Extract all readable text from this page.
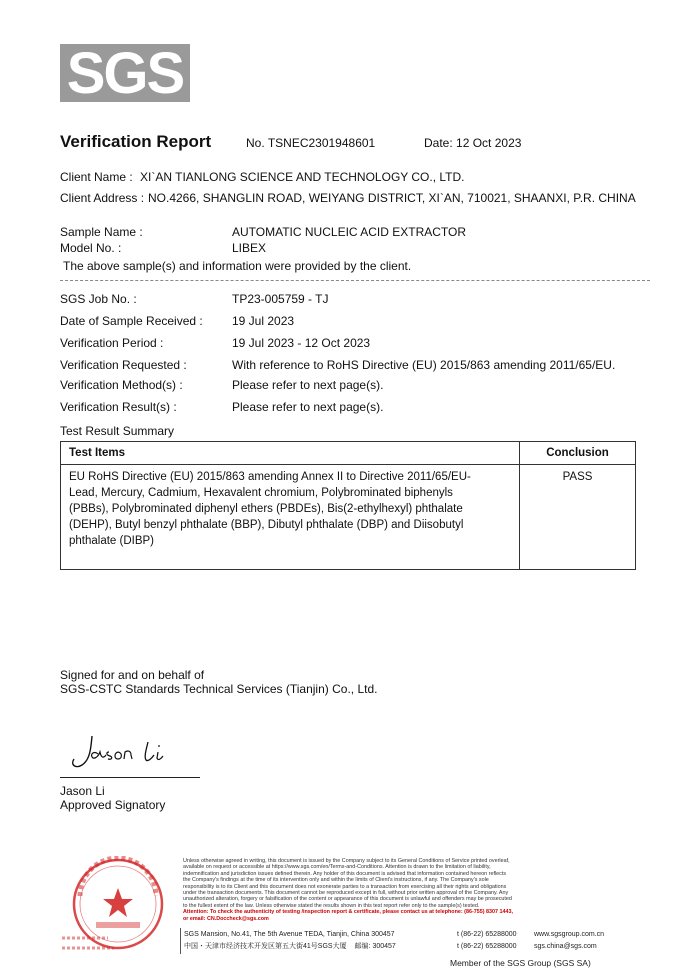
SGS
Verification Report	No. TSNEC2301948601	Date: 12 Oct 2023
Client Name : XI`AN TIANLONG SCIENCE AND TECHNOLOGY CO., LTD.
Client Address : NO.4266, SHANGLIN ROAD, WEIYANG DISTRICT, XI`AN, 710021, SHAANXI, P.R. CHINA
Sample Name :	AUTOMATIC NUCLEIC ACID EXTRACTOR
Model No. :	LIBEX
The above sample(s) and information were provided by the client.
SGS Job No. :	TP23-005759 - TJ
Date of Sample Received : 19 Jul 2023
Verification Period :	19 Jul 2023 - 12 Oct 2023
Verification Requested :	With reference to RoHS Directive (EU) 2015/863 amending 2011/65/EU.
Verification Method(s) :	Please refer to next page(s).
Verification Result(s) :	Please refer to next page(s).
Test Result Summary
Test Items	Conclusion

EU RoHS Directive (EU) 2015/863 amending Annex II to Directive 2011/65/EU-
Lead, Mercury, Cadmium, Hexavalent chromium, Polybrominated biphenyls
(PBBs), Polybrominated diphenyl ethers (PBDEs), Bis(2-ethylhexyl) phthalate
(DEHP), Butyl benzyl phthalate (BBP), Dibutyl phthalate (DBP) and Diisobutyl
phthalate (DIBP)	PASS
Signed for and on behalf of
SGS-CSTC Standards Technical Services (Tianjin) Co., Ltd.
Jason Li
Approved Signatory
Unless otherwise agreed in writing, this document is issued by the Company subject to its General Conditions of Service printed overleaf,
available on request or accessible at https://www.sgs.com/en/Terms-and-Conditions. Attention is drawn to the limitation of liability,
indemnification and jurisdiction issues defined therein. Any holder of this document is advised that information contained hereon reflects
the Company's findings at the time of its intervention only and within the limits of Client's instructions, if any. The Company's sole
responsibility is to its Client and this document does not exonerate parties to a transaction from exercising all their rights and obligations
under the transaction documents. This document cannot be reproduced except in full, without prior written approval of the Company. Any
unauthorized alteration, forgery or falsification of the content or appearance of this document is unlawful and offenders may be prosecuted
to the fullest extent of the law. Unless otherwise stated the results shown in this test report refer only to the sample(s) tested.
Attention: To check the authenticity of testing /inspection report & certificate, please contact us at telephone: (86-755) 8307 1443,
or email: CN.Doccheck@sgs.com
SGS Mansion, No.41, The 5th Avenue TEDA, Tianjin, China 300457	t (86-22) 65288000 www.sgsgroup.com.cn
中国・天津市经济技术开发区第五大街41号SGS大厦 邮编: 300457	t (86-22) 65288000 sgs.china@sgs.com
Member of the SGS Group (SGS SA)
